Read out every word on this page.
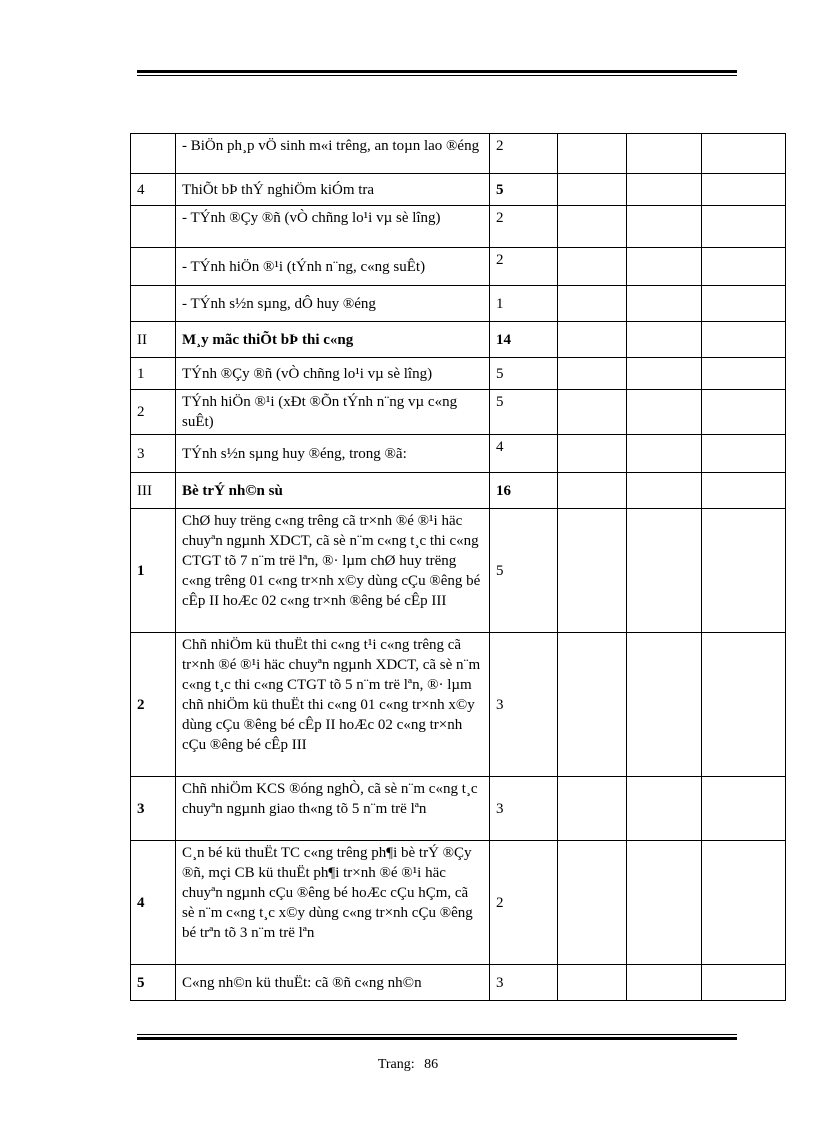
	- BiÖn ph¸p vÖ sinh m«i trêng, an toµn lao ®éng	2			
4	ThiÕt bÞ thÝ nghiÖm kiÓm tra	5			
	- TÝnh ®Çy ®ñ (vÒ chñng lo¹i vµ sè lîng)	2			
	- TÝnh hiÖn ®¹i (tÝnh n¨ng, c«ng suÊt)	2			
	- TÝnh s½n sµng, dÔ huy ®éng	1			
II	M¸y mãc thiÕt bÞ thi c«ng	14			
1	TÝnh ®Çy ®ñ (vÒ chñng lo¹i vµ sè lîng)	5			
2	TÝnh hiÖn ®¹i (xÐt ®Õn tÝnh n¨ng vµ c«ng suÊt)	5			
3	TÝnh s½n sµng huy ®éng, trong ®ã:	4			
III	Bè trÝ nh©n sù	16			
1	ChØ huy trëng c«ng trêng cã tr×nh ®é ®¹i häc chuyªn ngµnh XDCT, cã sè n¨m c«ng t¸c thi c«ng CTGT tõ 7 n¨m trë lªn, ®· lµm chØ huy trëng c«ng trêng 01 c«ng tr×nh x©y dùng cÇu ®êng bé cÊp II hoÆc 02 c«ng tr×nh ®êng bé cÊp III	5			
2	Chñ nhiÖm kü thuËt thi c«ng t¹i c«ng trêng cã tr×nh ®é ®¹i häc chuyªn ngµnh XDCT, cã sè n¨m c«ng t¸c thi c«ng CTGT tõ 5 n¨m trë lªn, ®· lµm chñ nhiÖm kü thuËt thi c«ng 01 c«ng tr×nh x©y dùng cÇu ®êng bé cÊp II hoÆc 02 c«ng tr×nh cÇu ®êng bé cÊp III	3			
3	Chñ nhiÖm KCS ®óng nghÒ, cã sè n¨m c«ng t¸c chuyªn ngµnh giao th«ng tõ 5 n¨m trë lªn	3			
4	C¸n bé kü thuËt TC c«ng trêng ph¶i bè trÝ ®Çy ®ñ, mçi CB kü thuËt ph¶i tr×nh ®é ®¹i häc chuyªn ngµnh cÇu ®êng bé hoÆc cÇu hÇm, cã sè n¨m c«ng t¸c x©y dùng c«ng tr×nh cÇu ®êng bé trªn tõ 3 n¨m trë lªn	2			
5	C«ng nh©n kü thuËt: cã ®ñ c«ng nh©n	3			
Trang: 86
